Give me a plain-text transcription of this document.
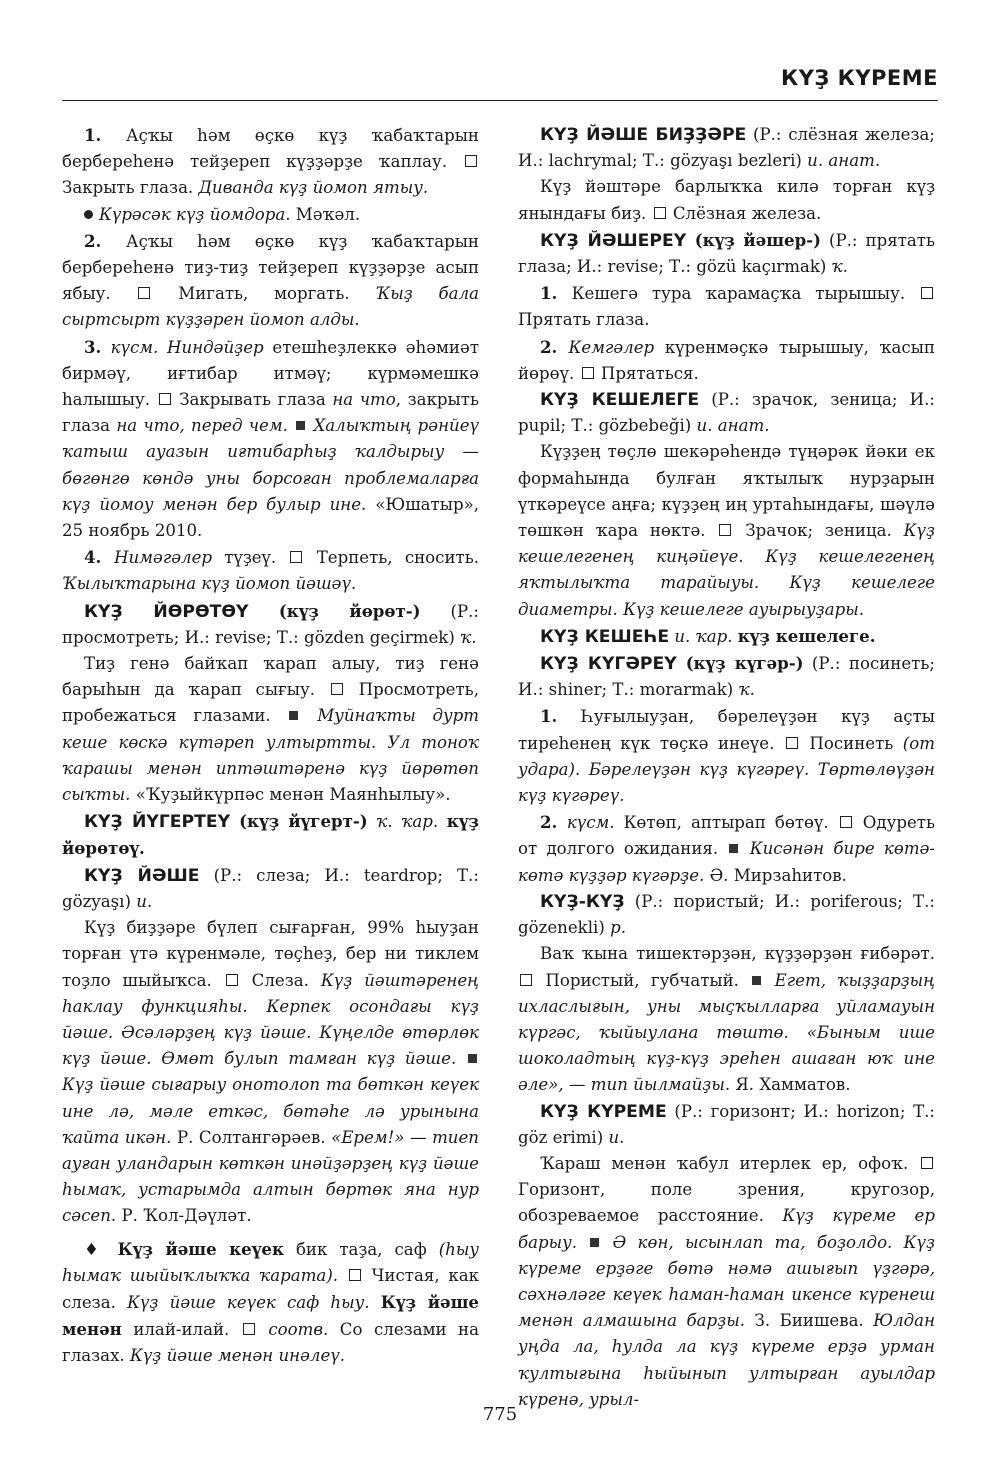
КҮҘ КҮРЕМЕ

1. Аҫҡы һәм өҫкө күҙ ҡабаҡтарын бербереһенә тейҙереп күҙҙәрҙе ҡаплау.  Закрыть глаза. Диванда күҙ йомоп ятыу.

Күрәсәк күҙ йомдора. Мәҡәл.

2. Аҫҡы һәм өҫкө күҙ ҡабаҡтарын бербереһенә тиҙ-тиҙ тейҙереп күҙҙәрҙе асып ябыу.	Мигать, моргать. Ҡыҙ бала сыртсырт күҙҙәрен йомоп алды.

3. күсм. Ниндәйҙер етешһеҙлеккә әһәмиәт бирмәү, иғтибар итмәү; күрмәмешкә һалышыу.  Закрывать глаза на что, закрыть глаза на что, перед чем.  Халыҡтың рәнйеү ҡатыш ауазын иғтибарһыҙ ҡалдырыу — бөгөнгө көндә уны борсоған проблемаларға күҙ йомоу менән бер булыр ине. «Юшатыр», 25 ноябрь 2010.

4. Нимәгәлер түҙеү.  Терпеть, сносить. Ҡылыҡтарына күҙ йомоп йәшәү.

КҮҘ ЙӨРӨТӨҮ (күҙ йөрөт-) (Р.: просмотреть; И.: revise; Т.: gözden geçirmek) ҡ.

Тиҙ генә байҡап ҡарап алыу, тиҙ генә барыһын да ҡарап сығыу.  Просмотреть, пробежаться глазами.  Муйнаҡты дурт кеше көскә күтәреп ултыртты. Ул тоноҡ ҡарашы менән иптәштәренә күҙ йөрөтөп сыҡты. «Ҡуҙыйкүрпәс менән Маянһылыу».

КҮҘ ЙҮГЕРТЕҮ (күҙ йүгерт-) ҡ. ҡар. күҙ йөрөтөү.

КҮҘ ЙӘШЕ (Р.: слеза; И.: teardrop; Т.: gözyaşı) и.

Күҙ биҙҙәре бүлеп сығарған, 99% һыуҙан торған үтә күренмәле, төҫһеҙ, бер ни тиклем тоҙло шыйыҡса.  Слеза. Күҙ йәштәренең һаклау функцияһы. Керпек осондағы күҙ йәше. Әсәләрҙең күҙ йәше. Күңелде өтөрлөк күҙ йәше. Өмөт булып тамған күҙ йәше.  Күҙ йәше сығарыу онотолоп та бөткән кеүек ине лә, мәле еткәс, бөтәһе лә урынына ҡайта икән. Р. Солтангәрәев. «Ерем!» — тиеп ауған уландарын көткән инәйҙәрҙең күҙ йәше һымаҡ, устарымда алтын бөртөк яна нур сәсеп. Р. Ҡол-Дәүләт.

♦ Күҙ йәше кеүек бик таҙа, саф (һыу һымаҡ шыйыҡлыҡҡа ҡарата).  Чистая, как слеза. Күҙ йәше кеүек саф һыу. Күҙ йәше менән илай-илай.  соотв. Со слезами на глазах. Күҙ йәше менән инәлеү.

КҮҘ ЙӘШЕ БИҘҘӘРЕ (Р.: слёзная железа; И.: lachrymal; Т.: gözyaşı bezleri) и. анат.

Күҙ йәштәре барлыҡҡа килә торған күҙ янындағы биҙ.  Слёзная железа.

КҮҘ ЙӘШЕРЕҮ (күҙ йәшер-) (Р.: прятать глаза; И.: revise; Т.: gözü kaçırmak) ҡ.

1. Кешегә тура ҡарамаҫҡа тырышыу.  Прятать глаза.

2. Кемгәлер күренмәҫкә тырышыу, ҡасып йөрөү.  Прятаться.

КҮҘ КЕШЕЛЕГЕ (Р.: зрачок, зеница; И.: pupil; Т.: gözbebeği) и. анат.

Күҙҙең төҫлө шекәрәһендә түңәрәк йәки ек формаһында булған яҡтылыҡ нурҙарын үткәреүсе аңға; күҙҙең иң уртаһындағы, шәүлә төшкән ҡара нөктә.  Зрачок; зеница. Күҙ кешелегенең киңәйеүе. Күҙ кешелегенең яҡтылыҡта тарайыуы. Күҙ кешелеге диаметры. Күҙ кешелеге ауырыуҙары.

КҮҘ КЕШЕҺЕ и. ҡар. күҙ кешелеге.

КҮҘ КҮГӘРЕҮ (күҙ күгәр-) (Р.: посинеть; И.: shiner; Т.: morarmak) ҡ.

1. Һуғылыуҙан, бәрелеүҙән күҙ аҫты тиреһенең күк төҫкә инеүе.  Посинеть (от удара). Бәрелеүҙән күҙ күгәреү. Төртөлөүҙән күҙ күгәреү.

2. күсм. Көтөп, аптырап бөтөү.  Одуреть от долгого ожидания.  Кисәнән бире көтә-көтә күҙҙәр күгәрҙе. Ә. Мирзаһитов.

КҮҘ-КҮҘ (Р.: пористый; И.: poriferous; Т.: gözenekli) р.

Ваҡ ҡына тишектәрҙән, күҙҙәрҙән ғибәрәт.  Пористый, губчатый.  Егет, ҡыҙҙарҙың ихласлығын, уны мыҫҡылларға уйламауын күргәс, ҡыйыулана төштө. «Быным ише шоколадтың күҙ-күҙ эреһен ашаған юҡ ине әле», — тип йылмайҙы. Я. Хамматов.

КҮҘ КҮРЕМЕ (Р.: горизонт; И.: horizon; Т.: göz erimi) и.

Ҡараш менән ҡабул итерлек ер, офоҡ.  Горизонт, поле зрения, кругозор, обозреваемое расстояние. Күҙ күреме ер барыу.  Ә көн, ысынлап та, боҙолдо. Күҙ күреме ерҙәге бөтә нәмә ашығып үҙгәрә, сәхнәләге кеүек һаман-һаман икенсе күренеш менән алмашына барҙы. З. Биишева. Юлдан уңда ла, һулда ла күҙ күреме ерҙә урман ҡултығына һыйынып ултырған ауылдар күренә, урыл-

775
